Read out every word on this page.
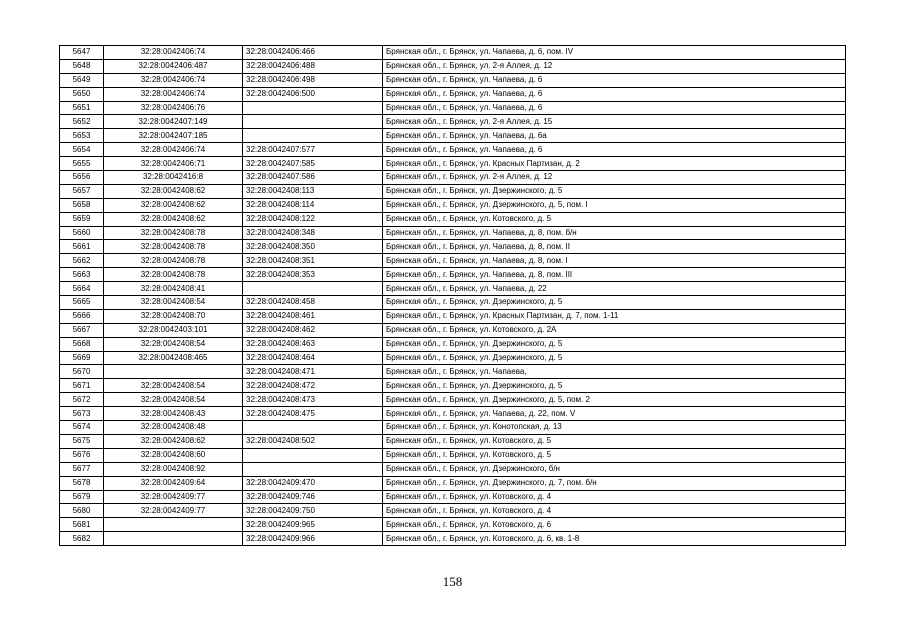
5647	32:28:0042406:74	32:28:0042406:466	Брянская обл., г. Брянск, ул. Чапаева, д. 6, пом. IV
5648	32:28:0042406:487	32:28:0042406:488	Брянская обл., г. Брянск, ул. 2-я Аллея, д. 12
5649	32:28:0042406:74	32:28:0042406:498	Брянская обл., г. Брянск, ул. Чапаева, д. 6
5650	32:28:0042406:74	32:28:0042406:500	Брянская обл., г. Брянск, ул. Чапаева, д. 6
5651	32:28:0042406:76		Брянская обл., г. Брянск, ул. Чапаева, д. 6
5652	32:28:0042407:149		Брянская обл., г. Брянск, ул. 2-я Аллея, д. 15
5653	32:28:0042407:185		Брянская обл., г. Брянск, ул. Чапаева, д. 6а
5654	32:28:0042406:74	32:28:0042407:577	Брянская обл., г. Брянск, ул. Чапаева, д. 6
5655	32:28:0042406:71	32:28:0042407:585	Брянская обл., г. Брянск, ул. Красных Партизан, д. 2
5656	32:28:0042416:8	32:28:0042407:586	Брянская обл., г. Брянск, ул. 2-я Аллея, д. 12
5657	32:28:0042408:62	32:28:0042408:113	Брянская обл., г. Брянск, ул. Дзержинского, д. 5
5658	32:28:0042408:62	32:28:0042408:114	Брянская обл., г. Брянск, ул. Дзержинского, д. 5, пом. I
5659	32:28:0042408:62	32:28:0042408:122	Брянская обл., г. Брянск, ул. Котовского, д. 5
5660	32:28:0042408:78	32:28:0042408:348	Брянская обл., г. Брянск, ул. Чапаева, д. 8, пом. б/н
5661	32:28:0042408:78	32:28:0042408:350	Брянская обл., г. Брянск, ул. Чапаева, д. 8, пом. II
5662	32:28:0042408:78	32:28:0042408:351	Брянская обл., г. Брянск, ул. Чапаева, д. 8, пом. I
5663	32:28:0042408:78	32:28:0042408:353	Брянская обл., г. Брянск, ул. Чапаева, д. 8, пом. III
5664	32:28:0042408:41		Брянская обл., г. Брянск, ул. Чапаева, д. 22
5665	32:28:0042408:54	32:28:0042408:458	Брянская обл., г. Брянск, ул. Дзержинского, д. 5
5666	32:28:0042408:70	32:28:0042408:461	Брянская обл., г. Брянск, ул. Красных Партизан, д. 7, пом. 1-11
5667	32:28:0042403:101	32:28:0042408:462	Брянская обл., г. Брянск, ул. Котовского, д. 2А
5668	32:28:0042408:54	32:28:0042408:463	Брянская обл., г. Брянск, ул. Дзержинского, д. 5
5669	32:28:0042408:465	32:28:0042408:464	Брянская обл., г. Брянск, ул. Дзержинского, д. 5
5670		32:28:0042408:471	Брянская обл., г. Брянск, ул. Чапаева,
5671	32:28:0042408:54	32:28:0042408:472	Брянская обл., г. Брянск, ул. Дзержинского, д. 5
5672	32:28:0042408:54	32:28:0042408:473	Брянская обл., г. Брянск, ул. Дзержинского, д. 5, пом. 2
5673	32:28:0042408:43	32:28:0042408:475	Брянская обл., г. Брянск, ул. Чапаева, д. 22, пом. V
5674	32:28:0042408:48		Брянская обл., г. Брянск, ул. Конотопская, д. 13
5675	32:28:0042408:62	32:28:0042408:502	Брянская обл., г. Брянск, ул. Котовского, д. 5
5676	32:28:0042408:60		Брянская обл., г. Брянск, ул. Котовского, д. 5
5677	32:28:0042408:92		Брянская обл., г. Брянск, ул. Дзержинского, б/н
5678	32:28:0042409:64	32:28:0042409:470	Брянская обл., г. Брянск, ул. Дзержинского, д. 7, пом. б/н
5679	32:28:0042409:77	32:28:0042409:746	Брянская обл., г. Брянск, ул. Котовского, д. 4
5680	32:28:0042409:77	32:28:0042409:750	Брянская обл., г. Брянск, ул. Котовского, д. 4
5681		32:28:0042409:965	Брянская обл., г. Брянск, ул. Котовского, д. 6
5682		32:28:0042409:966	Брянская обл., г. Брянск, ул. Котовского, д. 6, кв. 1-8
158
